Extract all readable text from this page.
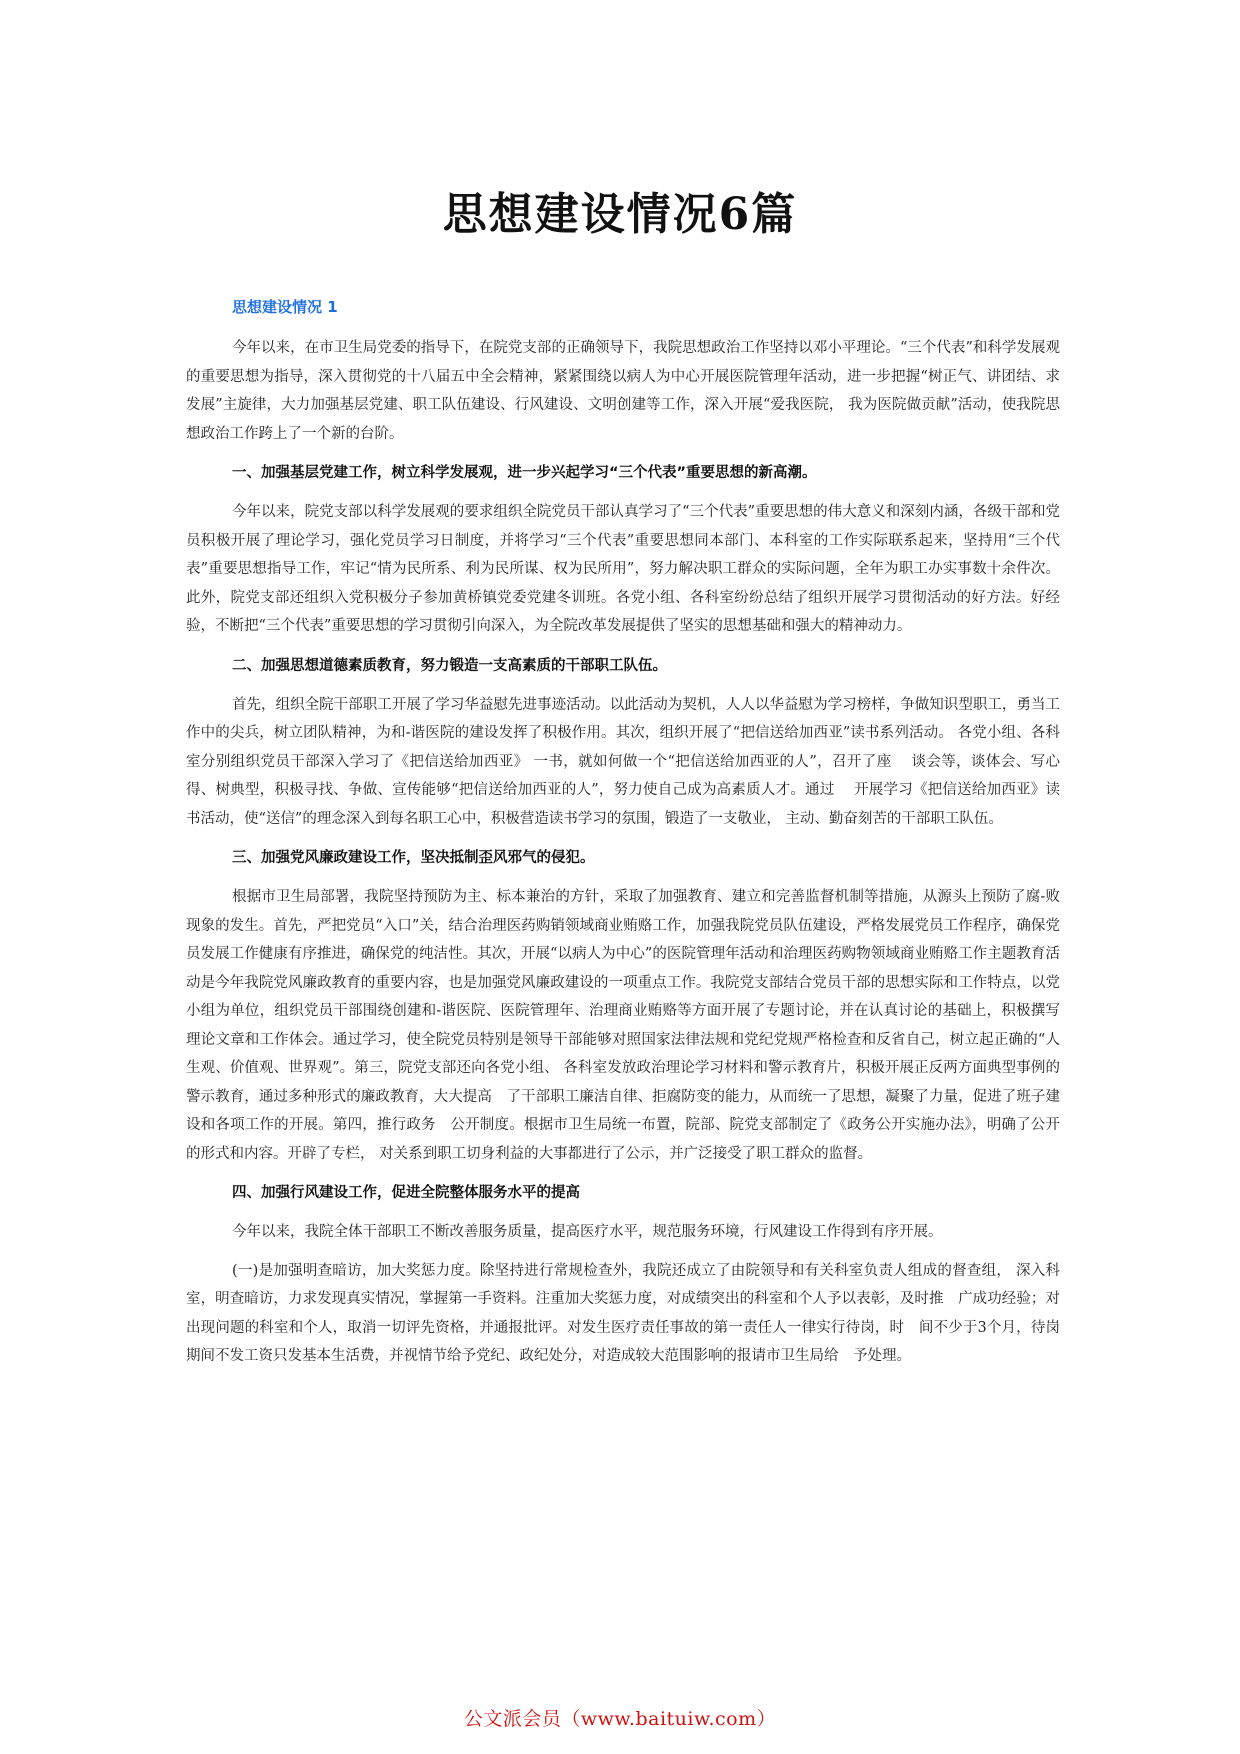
思想建设情况6篇
思想建设情况 1

今年以来，在市卫生局党委的指导下，在院党支部的正确领导下，我院思想政治工作坚持以邓小平理论。“三个代表”和科学发展观的重要思想为指导，深入贯彻党的十八届五中全会精神，紧紧围绕以病人为中心开展医院管理年活动，进一步把握“树正气、讲团结、求发展”主旋律，大力加强基层党建、职工队伍建设、行风建设、文明创建等工作，深入开展“爱我医院， 我为医院做贡献”活动，使我院思想政治工作跨上了一个新的台阶。

一、加强基层党建工作，树立科学发展观，进一步兴起学习“三个代表”重要思想的新高潮。

今年以来，院党支部以科学发展观的要求组织全院党员干部认真学习了“三个代表”重要思想的伟大意义和深刻内涵，各级干部和党员积极开展了理论学习，强化党员学习日制度，并将学习“三个代表”重要思想同本部门、本科室的工作实际联系起来，坚持用“三个代表”重要思想指导工作，牢记“情为民所系、利为民所谋、权为民所用”，努力解决职工群众的实际问题，全年为职工办实事数十余件次。此外，院党支部还组织入党积极分子参加黄桥镇党委党建冬训班。各党小组、各科室纷纷总结了组织开展学习贯彻活动的好方法。好经验，不断把“三个代表”重要思想的学习贯彻引向深入，为全院改革发展提供了坚实的思想基础和强大的精神动力。

二、加强思想道德素质教育，努力锻造一支高素质的干部职工队伍。

首先，组织全院干部职工开展了学习华益慰先进事迹活动。以此活动为契机，人人以华益慰为学习榜样，争做知识型职工，勇当工作中的尖兵，树立团队精神，为和-谐医院的建设发挥了积极作用。其次，组织开展了“把信送给加西亚”读书系列活动。 各党小组、各科室分别组织党员干部深入学习了《把信送给加西亚》 一书，就如何做一个“把信送给加西亚的人”，召开了座　 谈会等，谈体会、写心得、树典型，积极寻找、争做、宣传能够“把信送给加西亚的人”，努力使自己成为高素质人才。通过　 开展学习《把信送给加西亚》读书活动，使“送信”的理念深入到每名职工心中，积极营造读书学习的氛围，锻造了一支敬业， 主动、勤奋刻苦的干部职工队伍。

三、加强党风廉政建设工作，坚决抵制歪风邪气的侵犯。

根据市卫生局部署，我院坚持预防为主、标本兼治的方针，采取了加强教育、建立和完善监督机制等措施，从源头上预防了腐-败现象的发生。首先，严把党员“入口”关，结合治理医药购销领域商业贿赂工作，加强我院党员队伍建设，严格发展党员工作程序，确保党员发展工作健康有序推进，确保党的纯洁性。其次，开展“以病人为中心”的医院管理年活动和治理医药购物领域商业贿赂工作主题教育活动是今年我院党风廉政教育的重要内容，也是加强党风廉政建设的一项重点工作。我院党支部结合党员干部的思想实际和工作特点，以党小组为单位，组织党员干部围绕创建和-谐医院、医院管理年、治理商业贿赂等方面开展了专题讨论，并在认真讨论的基础上，积极撰写理论文章和工作体会。通过学习，使全院党员特别是领导干部能够对照国家法律法规和党纪党规严格检查和反省自己，树立起正确的“人生观、价值观、世界观”。第三，院党支部还向各党小组、 各科室发放政治理论学习材料和警示教育片，积极开展正反两方面典型事例的警示教育，通过多种形式的廉政教育，大大提高　了干部职工廉洁自律、拒腐防变的能力，从而统一了思想，凝聚了力量，促进了班子建设和各项工作的开展。第四，推行政务　公开制度。根据市卫生局统一布置，院部、院党支部制定了《政务公开实施办法》，明确了公开的形式和内容。开辟了专栏， 对关系到职工切身利益的大事都进行了公示，并广泛接受了职工群众的监督。

四、加强行风建设工作，促进全院整体服务水平的提高

今年以来，我院全体干部职工不断改善服务质量，提高医疗水平，规范服务环境，行风建设工作得到有序开展。

(一)是加强明查暗访，加大奖惩力度。除坚持进行常规检查外，我院还成立了由院领导和有关科室负责人组成的督查组， 深入科室，明查暗访，力求发现真实情况，掌握第一手资料。注重加大奖惩力度，对成绩突出的科室和个人予以表彰，及时推　广成功经验；对出现问题的科室和个人，取消一切评先资格，并通报批评。对发生医疗责任事故的第一责任人一律实行待岗，时　间不少于3个月，待岗期间不发工资只发基本生活费，并视情节给予党纪、政纪处分，对造成较大范围影响的报请市卫生局给　予处理。

公文派会员（www.baituiw.com）
